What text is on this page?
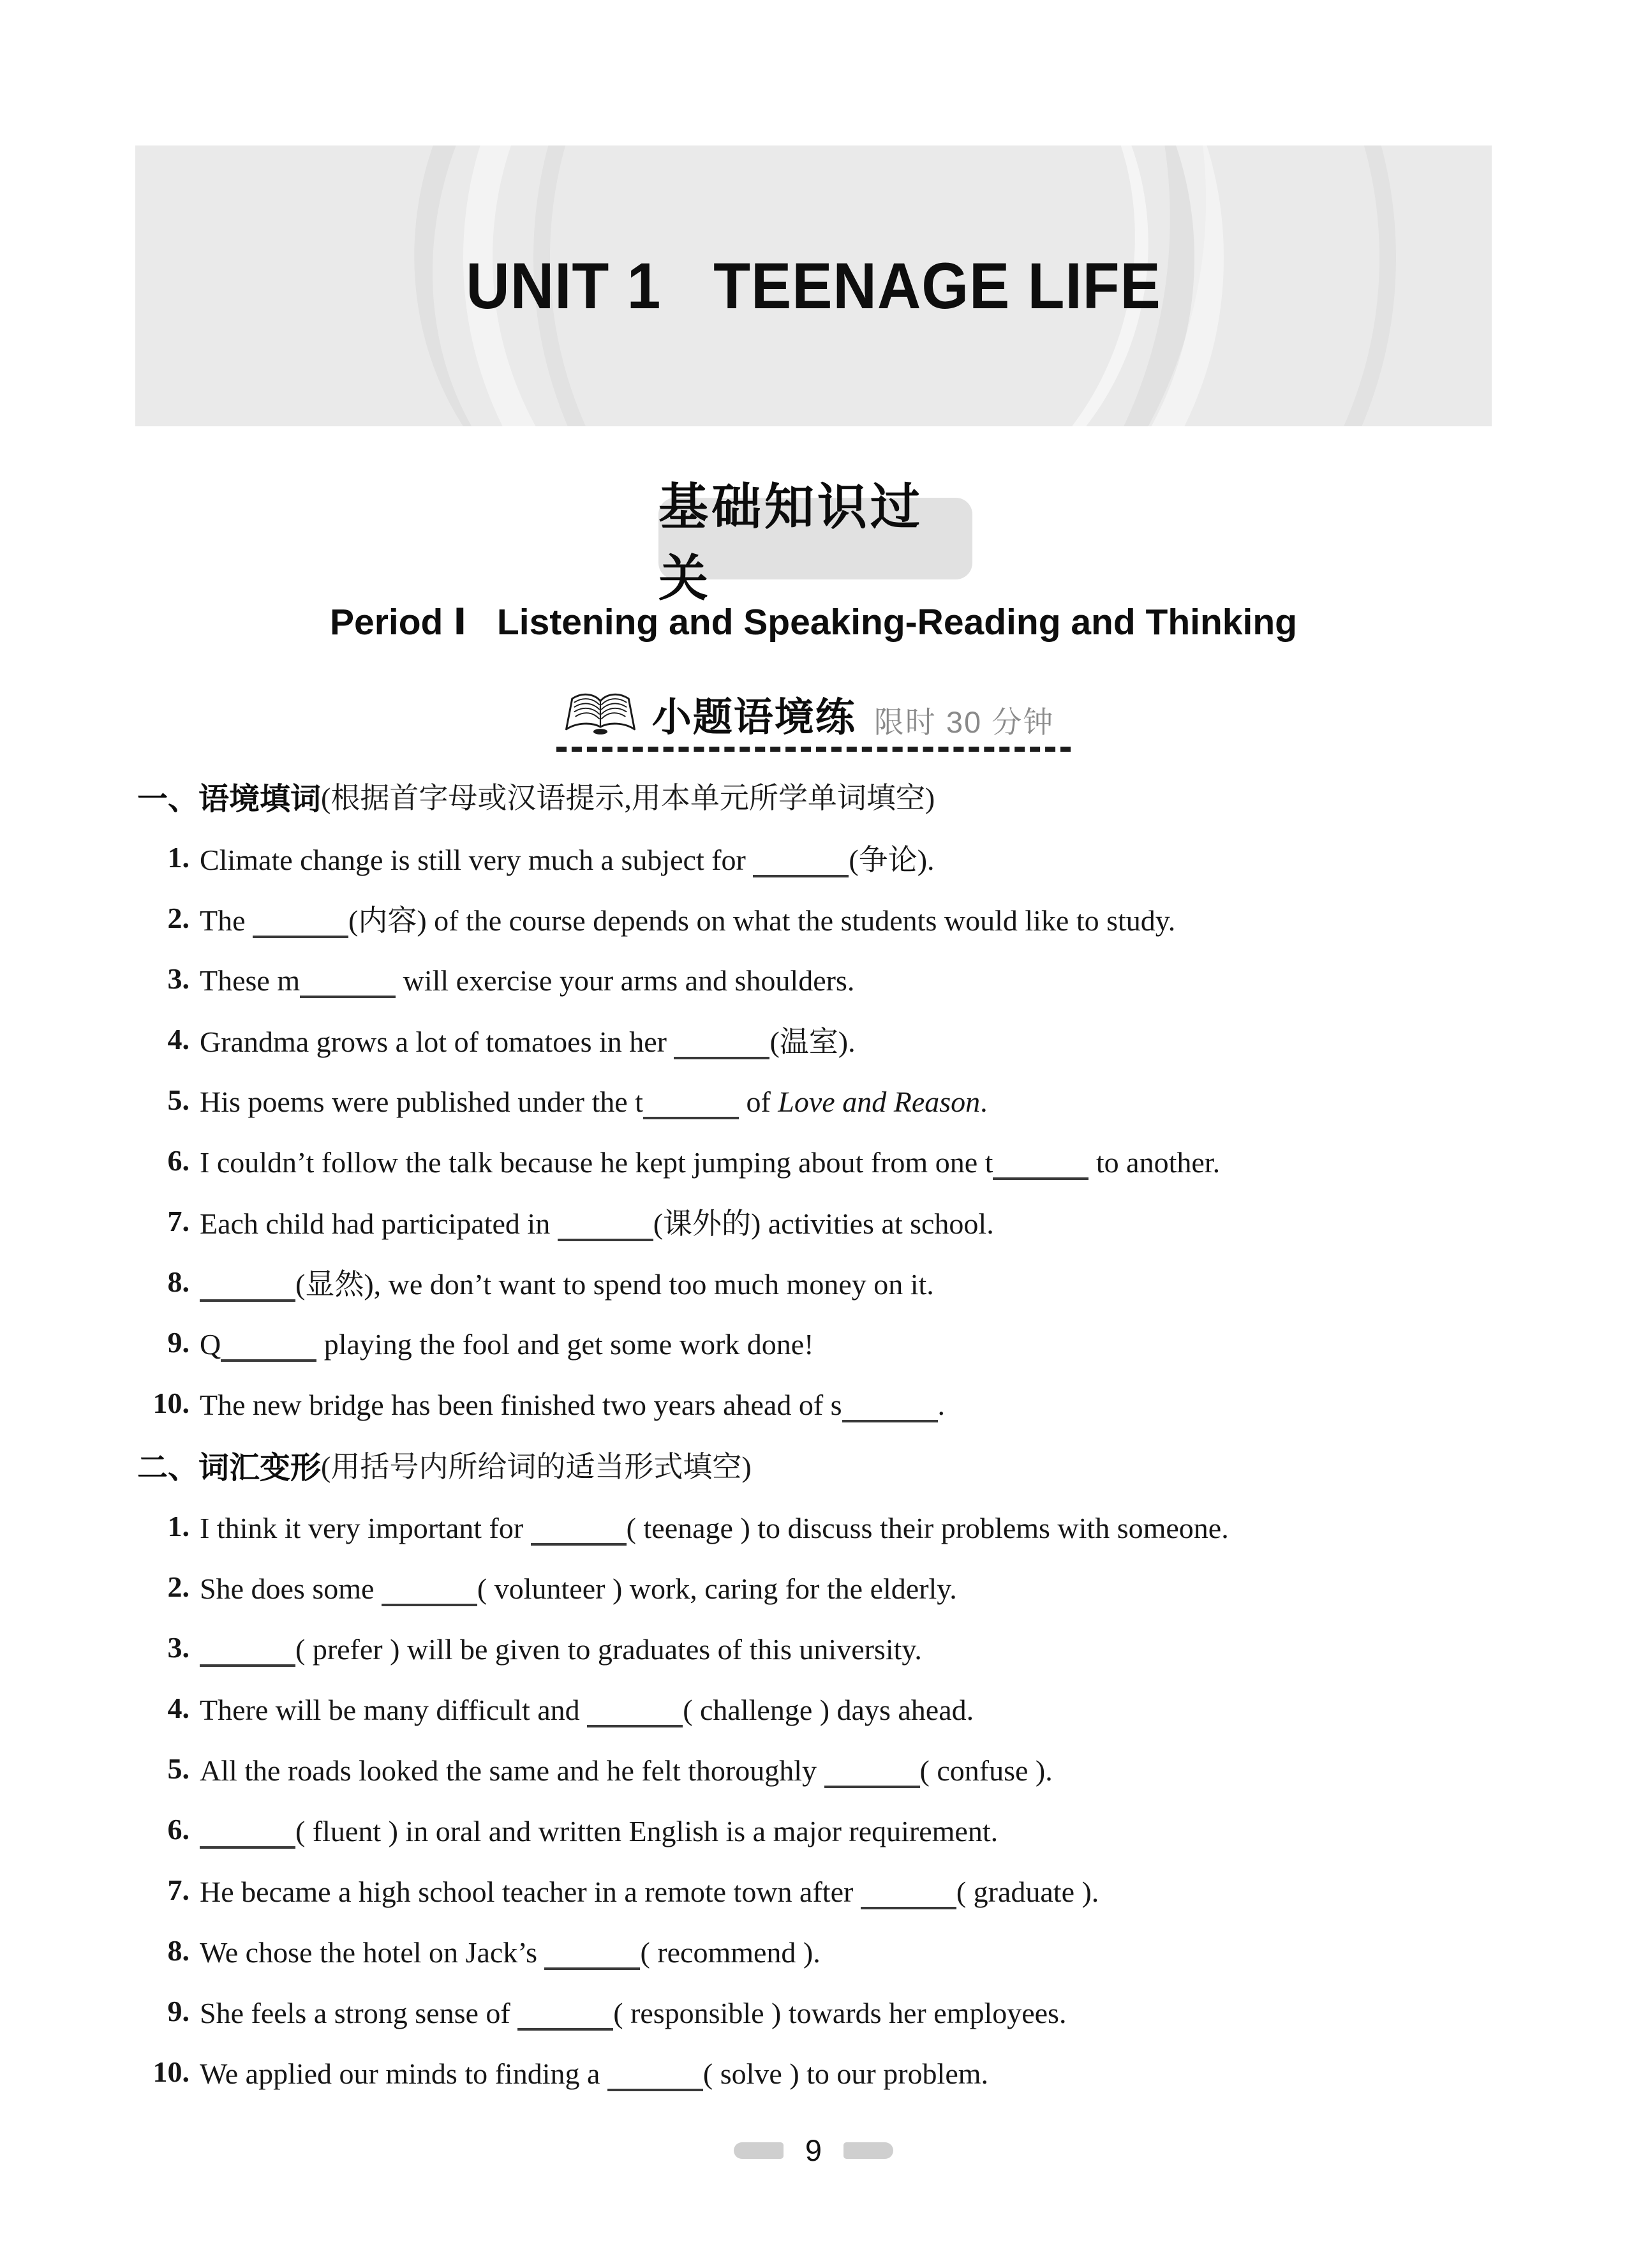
UNIT 1   TEENAGE LIFE
基础知识过关
Period Ⅰ   Listening and Speaking-Reading and Thinking
小题语境练 限时 30 分钟
一、语境填词 (根据首字母或汉语提示,用本单元所学单词填空)
1. Climate change is still very much a subject for	(争论).
2. The	(内容) of the course depends on what the students would like to study.
3. These m	will exercise your arms and shoulders.
4. Grandma grows a lot of tomatoes in her	(温室).
5. His poems were published under the t	of Love and Reason.
6. I couldn’t follow the talk because he kept jumping about from one t	to another.
7. Each child had participated in	(课外的) activities at school.
8.	(显然), we don’t want to spend too much money on it.
9. Q	playing the fool and get some work done!
10. The new bridge has been finished two years ahead of s	.
二、词汇变形 (用括号内所给词的适当形式填空)
1. I think it very important for	( teenage ) to discuss their problems with someone.
2. She does some	( volunteer ) work, caring for the elderly.
3.	( prefer ) will be given to graduates of this university.
4. There will be many difficult and	( challenge ) days ahead.
5. All the roads looked the same and he felt thoroughly	( confuse ).
6.	( fluent ) in oral and written English is a major requirement.
7. He became a high school teacher in a remote town after	( graduate ).
8. We chose the hotel on Jack’s	( recommend ).
9. She feels a strong sense of	( responsible ) towards her employees.
10. We applied our minds to finding a	( solve ) to our problem.
9
